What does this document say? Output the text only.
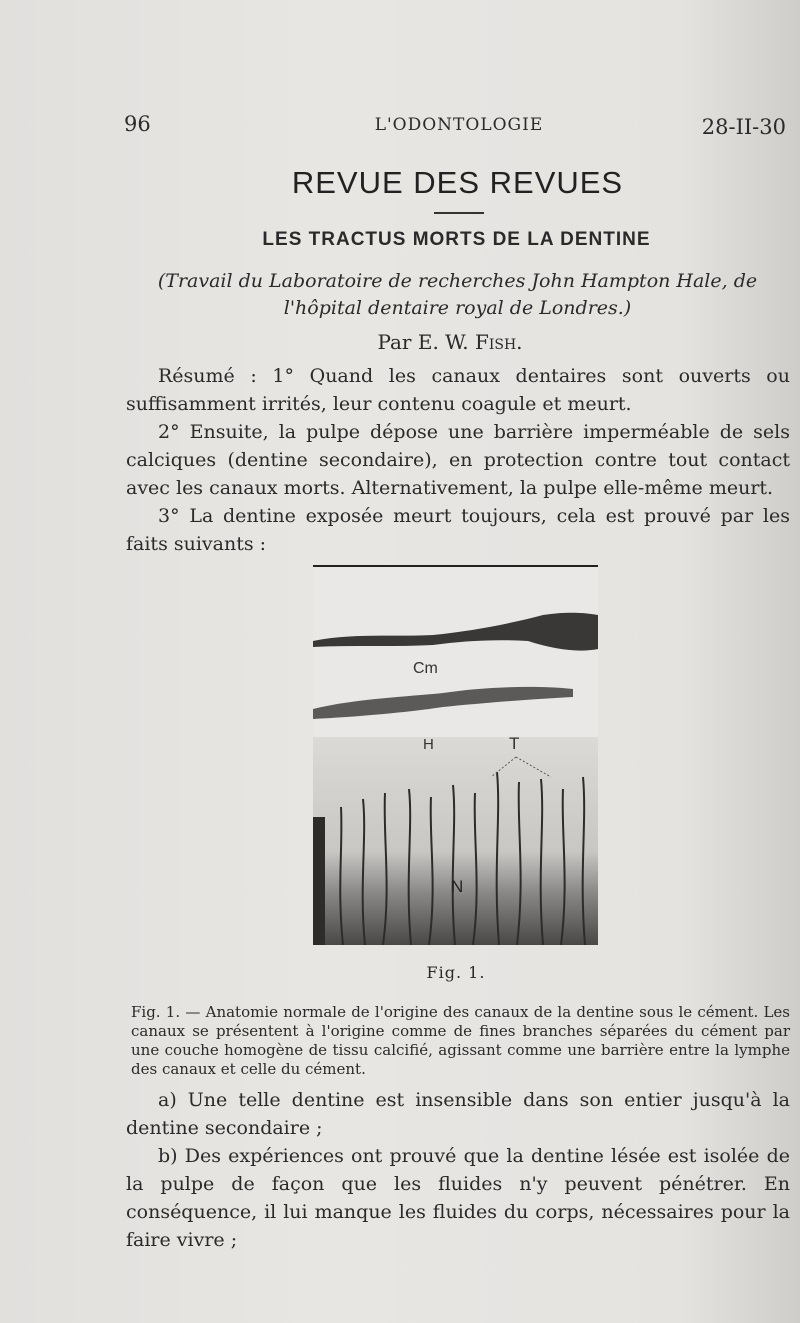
96	L'ODONTOLOGIE	28-II-30
REVUE DES REVUES
LES TRACTUS MORTS DE LA DENTINE
(Travail du Laboratoire de recherches John Hampton Hale, de l'hôpital dentaire royal de Londres.)
Par E. W. Fish.

Résumé : 1° Quand les canaux dentaires sont ouverts ou suffisamment irrités, leur contenu coagule et meurt.

2° Ensuite, la pulpe dépose une barrière imperméable de sels calciques (dentine secondaire), en protection contre tout contact avec les canaux morts. Alternativement, la pulpe elle-même meurt.

3° La dentine exposée meurt toujours, cela est prouvé par les faits suivants :

Cm
H	T
N
Fig. 1.
Fig. 1. — Anatomie normale de l'origine des canaux de la dentine sous le cément. Les canaux se présentent à l'origine comme de fines branches séparées du cément par une couche homogène de tissu calcifié, agissant comme une barrière entre la lymphe des canaux et celle du cément.

a) Une telle dentine est insensible dans son entier jusqu'à la dentine secondaire ;

b) Des expériences ont prouvé que la dentine lésée est isolée de la pulpe de façon que les fluides n'y peuvent pénétrer. En conséquence, il lui manque les fluides du corps, nécessaires pour la faire vivre ;
